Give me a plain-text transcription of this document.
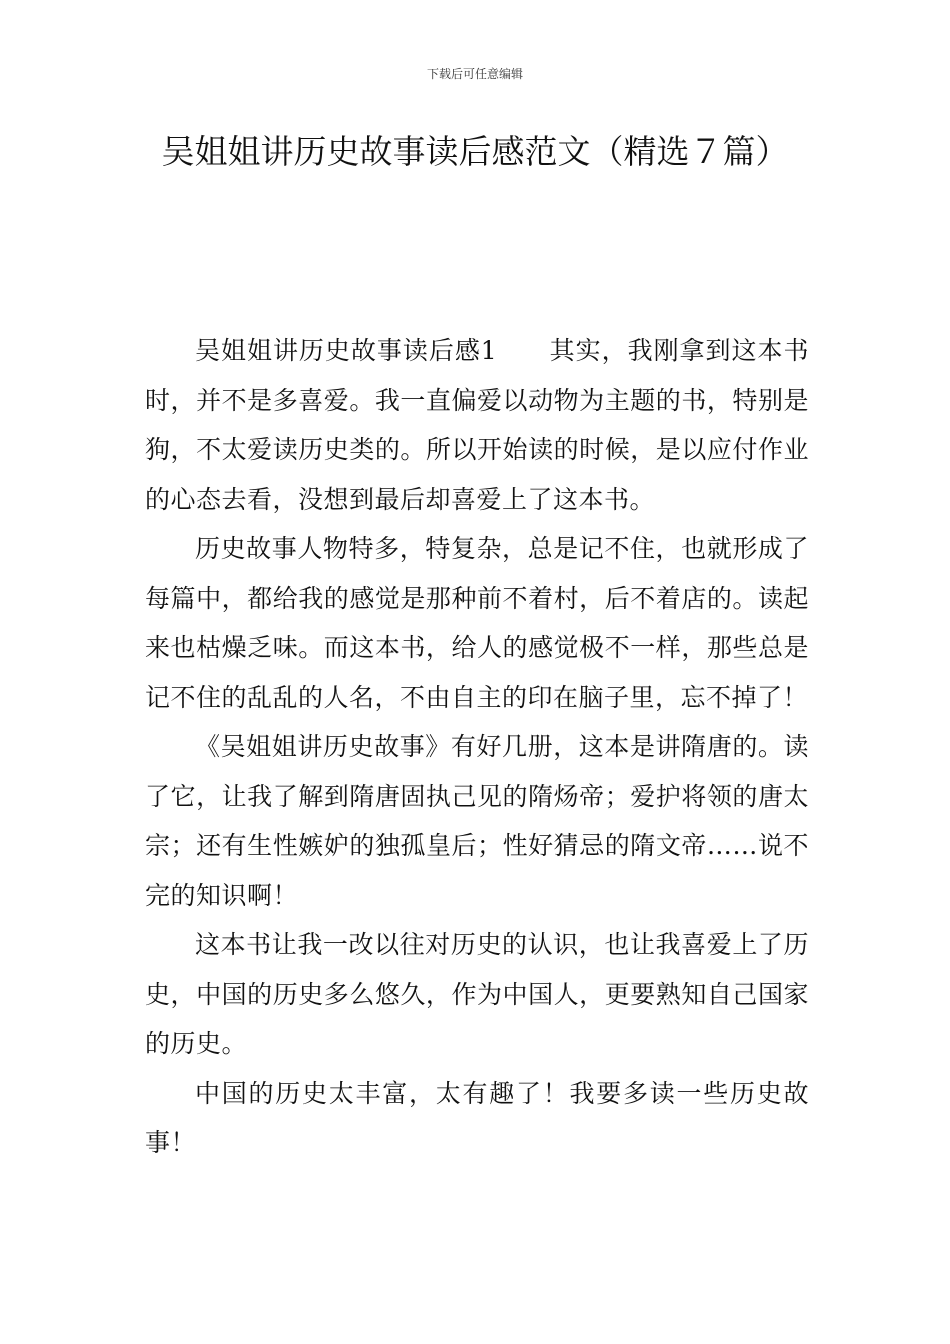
下载后可任意编辑
吴姐姐讲历史故事读后感范文（精选７篇）

吴姐姐讲历史故事读后感1　　其实，我刚拿到这本书时，并不是多喜爱。我一直偏爱以动物为主题的书，特别是狗，不太爱读历史类的。所以开始读的时候，是以应付作业的心态去看，没想到最后却喜爱上了这本书。

历史故事人物特多，特复杂，总是记不住，也就形成了每篇中，都给我的感觉是那种前不着村，后不着店的。读起来也枯燥乏味。而这本书，给人的感觉极不一样，那些总是记不住的乱乱的人名，不由自主的印在脑子里，忘不掉了！

《吴姐姐讲历史故事》有好几册，这本是讲隋唐的。读了它，让我了解到隋唐固执己见的隋炀帝；爱护将领的唐太宗；还有生性嫉妒的独孤皇后；性好猜忌的隋文帝……说不完的知识啊！

这本书让我一改以往对历史的认识，也让我喜爱上了历史，中国的历史多么悠久，作为中国人，更要熟知自己国家的历史。

中国的历史太丰富，太有趣了！我要多读一些历史故事！
